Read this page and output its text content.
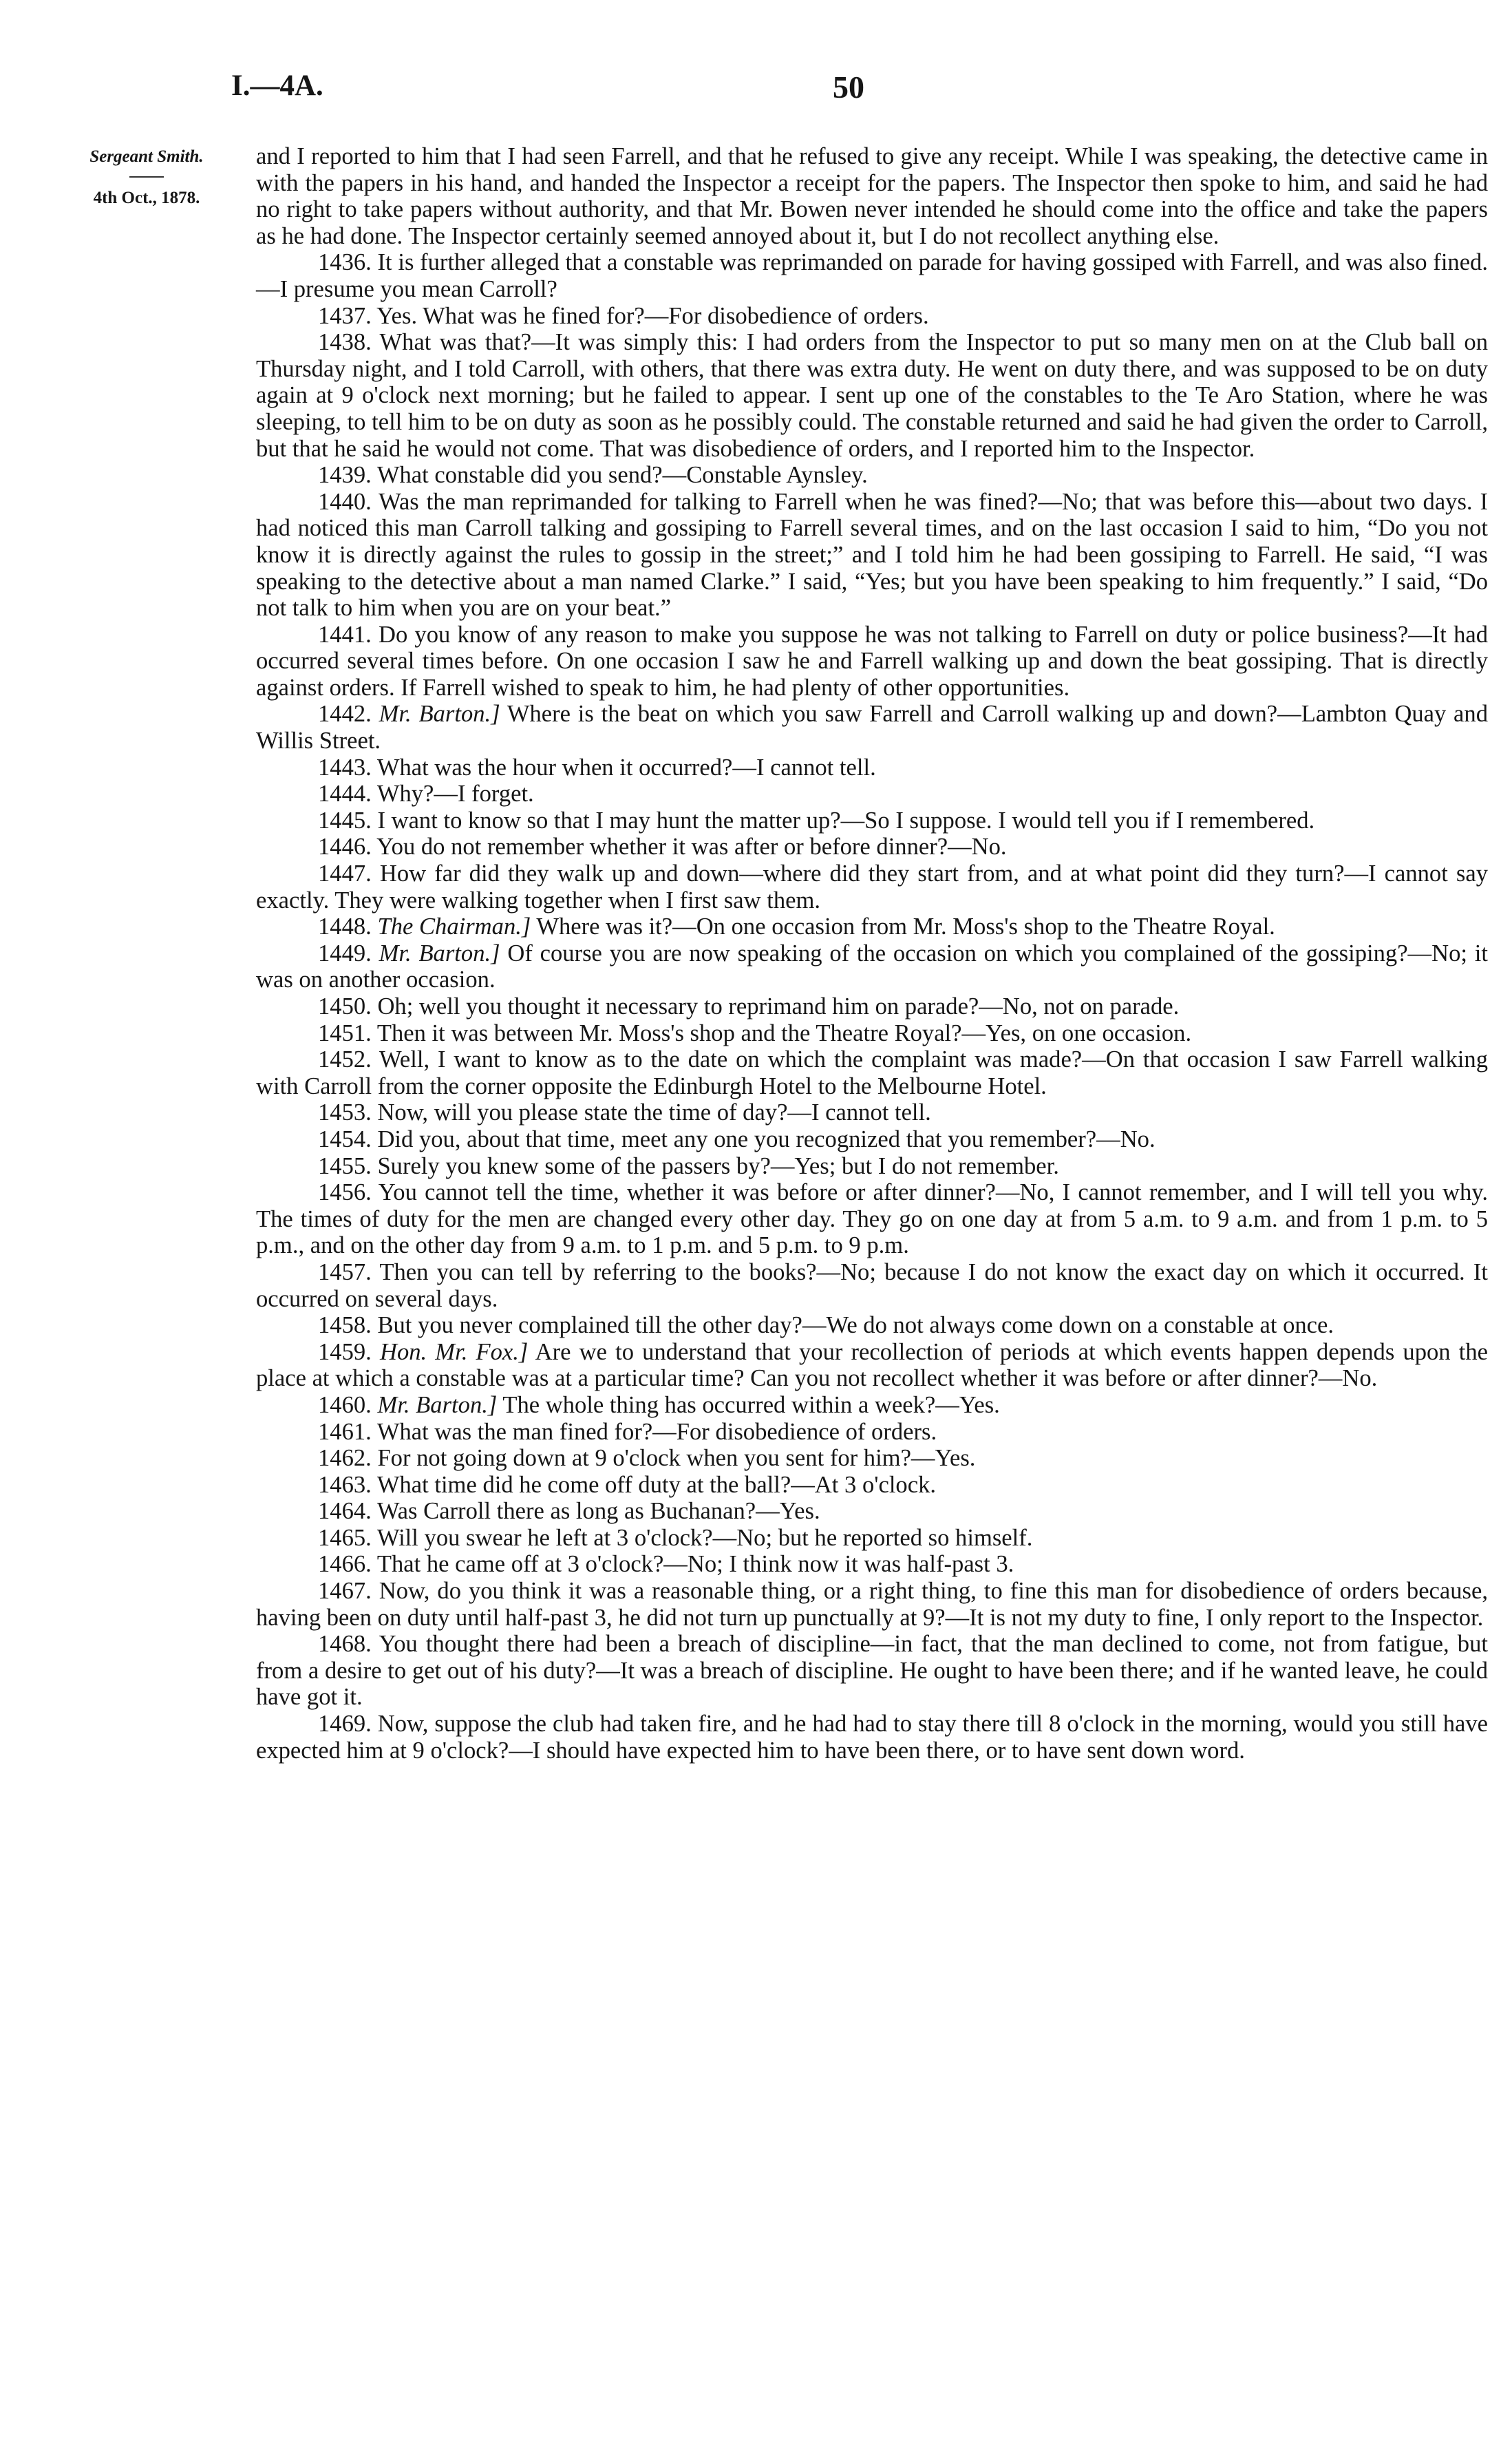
I.—4A.	50
Sergeant Smith.
4th Oct., 1878.

and I reported to him that I had seen Farrell, and that he refused to give any receipt. While I was speaking, the detective came in with the papers in his hand, and handed the Inspector a receipt for the papers. The Inspector then spoke to him, and said he had no right to take papers without authority, and that Mr. Bowen never intended he should come into the office and take the papers as he had done. The Inspector certainly seemed annoyed about it, but I do not recollect anything else.

1436. It is further alleged that a constable was reprimanded on parade for having gossiped with Farrell, and was also fined.—I presume you mean Carroll?

1437. Yes. What was he fined for?—For disobedience of orders.

1438. What was that?—It was simply this: I had orders from the Inspector to put so many men on at the Club ball on Thursday night, and I told Carroll, with others, that there was extra duty. He went on duty there, and was supposed to be on duty again at 9 o'clock next morning; but he failed to appear. I sent up one of the constables to the Te Aro Station, where he was sleeping, to tell him to be on duty as soon as he possibly could. The constable returned and said he had given the order to Carroll, but that he said he would not come. That was disobedience of orders, and I reported him to the Inspector.

1439. What constable did you send?—Constable Aynsley.

1440. Was the man reprimanded for talking to Farrell when he was fined?—No; that was before this—about two days. I had noticed this man Carroll talking and gossiping to Farrell several times, and on the last occasion I said to him, “Do you not know it is directly against the rules to gossip in the street;” and I told him he had been gossiping to Farrell. He said, “I was speaking to the detective about a man named Clarke.” I said, “Yes; but you have been speaking to him frequently.” I said, “Do not talk to him when you are on your beat.”

1441. Do you know of any reason to make you suppose he was not talking to Farrell on duty or police business?—It had occurred several times before. On one occasion I saw he and Farrell walking up and down the beat gossiping. That is directly against orders. If Farrell wished to speak to him, he had plenty of other opportunities.

1442. Mr. Barton.] Where is the beat on which you saw Farrell and Carroll walking up and down?—Lambton Quay and Willis Street.

1443. What was the hour when it occurred?—I cannot tell.

1444. Why?—I forget.

1445. I want to know so that I may hunt the matter up?—So I suppose. I would tell you if I remembered.

1446. You do not remember whether it was after or before dinner?—No.

1447. How far did they walk up and down—where did they start from, and at what point did they turn?—I cannot say exactly. They were walking together when I first saw them.

1448. The Chairman.] Where was it?—On one occasion from Mr. Moss's shop to the Theatre Royal.

1449. Mr. Barton.] Of course you are now speaking of the occasion on which you complained of the gossiping?—No; it was on another occasion.

1450. Oh; well you thought it necessary to reprimand him on parade?—No, not on parade.

1451. Then it was between Mr. Moss's shop and the Theatre Royal?—Yes, on one occasion.

1452. Well, I want to know as to the date on which the complaint was made?—On that occasion I saw Farrell walking with Carroll from the corner opposite the Edinburgh Hotel to the Melbourne Hotel.

1453. Now, will you please state the time of day?—I cannot tell.

1454. Did you, about that time, meet any one you recognized that you remember?—No.

1455. Surely you knew some of the passers by?—Yes; but I do not remember.

1456. You cannot tell the time, whether it was before or after dinner?—No, I cannot remember, and I will tell you why. The times of duty for the men are changed every other day. They go on one day at from 5 a.m. to 9 a.m. and from 1 p.m. to 5 p.m., and on the other day from 9 a.m. to 1 p.m. and 5 p.m. to 9 p.m.

1457. Then you can tell by referring to the books?—No; because I do not know the exact day on which it occurred. It occurred on several days.

1458. But you never complained till the other day?—We do not always come down on a constable at once.

1459. Hon. Mr. Fox.] Are we to understand that your recollection of periods at which events happen depends upon the place at which a constable was at a particular time? Can you not recollect whether it was before or after dinner?—No.

1460. Mr. Barton.] The whole thing has occurred within a week?—Yes.

1461. What was the man fined for?—For disobedience of orders.

1462. For not going down at 9 o'clock when you sent for him?—Yes.

1463. What time did he come off duty at the ball?—At 3 o'clock.

1464. Was Carroll there as long as Buchanan?—Yes.

1465. Will you swear he left at 3 o'clock?—No; but he reported so himself.

1466. That he came off at 3 o'clock?—No; I think now it was half-past 3.

1467. Now, do you think it was a reasonable thing, or a right thing, to fine this man for disobedience of orders because, having been on duty until half-past 3, he did not turn up punctually at 9?—It is not my duty to fine, I only report to the Inspector.

1468. You thought there had been a breach of discipline—in fact, that the man declined to come, not from fatigue, but from a desire to get out of his duty?—It was a breach of discipline. He ought to have been there; and if he wanted leave, he could have got it.

1469. Now, suppose the club had taken fire, and he had had to stay there till 8 o'clock in the morning, would you still have expected him at 9 o'clock?—I should have expected him to have been there, or to have sent down word.
